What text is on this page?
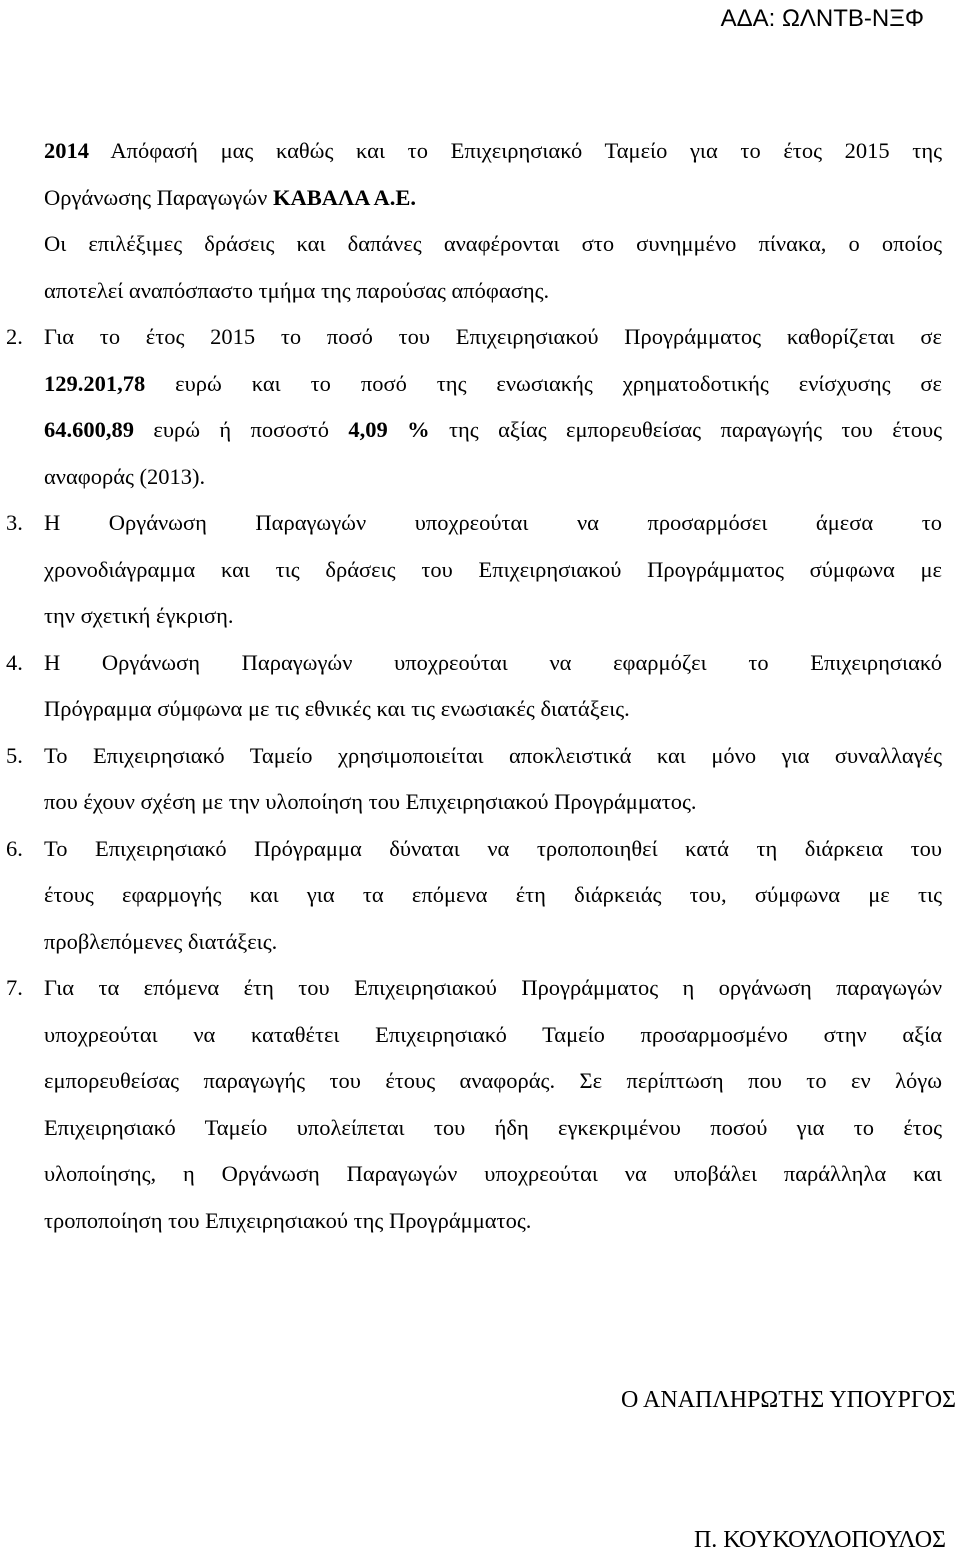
ΑΔΑ: ΩΛΝΤΒ-ΝΞΦ
2014 Απόφασή μας καθώς και το Επιχειρησιακό Ταμείο για το έτος 2015 της
Οργάνωσης Παραγωγών ΚΑΒΑΛΑ Α.Ε.
Οι επιλέξιμες δράσεις και δαπάνες αναφέρονται στο συνημμένο πίνακα, ο οποίος
αποτελεί αναπόσπαστο τμήμα της παρούσας απόφασης.
2. Για το έτος 2015 το ποσό του Επιχειρησιακού Προγράμματος καθορίζεται σε
129.201,78 ευρώ και το ποσό της ενωσιακής χρηματοδοτικής ενίσχυσης σε
64.600,89 ευρώ ή ποσοστό 4,09 % της αξίας εμπορευθείσας παραγωγής του έτους
αναφοράς (2013).
3. Η Οργάνωση Παραγωγών υποχρεούται να προσαρμόσει άμεσα το
χρονοδιάγραμμα και τις δράσεις του Επιχειρησιακού Προγράμματος σύμφωνα με
την σχετική έγκριση.
4. Η Οργάνωση Παραγωγών υποχρεούται να εφαρμόζει το Επιχειρησιακό
Πρόγραμμα σύμφωνα με τις εθνικές και τις ενωσιακές διατάξεις.
5. Το Επιχειρησιακό Ταμείο χρησιμοποιείται αποκλειστικά και μόνο για συναλλαγές
που έχουν σχέση με την υλοποίηση του Επιχειρησιακού Προγράμματος.
6. Το Επιχειρησιακό Πρόγραμμα δύναται να τροποποιηθεί κατά τη διάρκεια του
έτους εφαρμογής και για τα επόμενα έτη διάρκειάς του, σύμφωνα με τις
προβλεπόμενες διατάξεις.
7. Για τα επόμενα έτη του Επιχειρησιακού Προγράμματος η οργάνωση παραγωγών
υποχρεούται να καταθέτει Επιχειρησιακό Ταμείο προσαρμοσμένο στην αξία
εμπορευθείσας παραγωγής του έτους αναφοράς. Σε περίπτωση που το εν λόγω
Επιχειρησιακό Ταμείο υπολείπεται του ήδη εγκεκριμένου ποσού για το έτος
υλοποίησης, η Οργάνωση Παραγωγών υποχρεούται να υποβάλει παράλληλα και
τροποποίηση του Επιχειρησιακού της Προγράμματος.
Ο ΑΝΑΠΛΗΡΩΤΗΣ ΥΠΟΥΡΓΟΣ
Π. ΚΟΥΚΟΥΛΟΠΟΥΛΟΣ
